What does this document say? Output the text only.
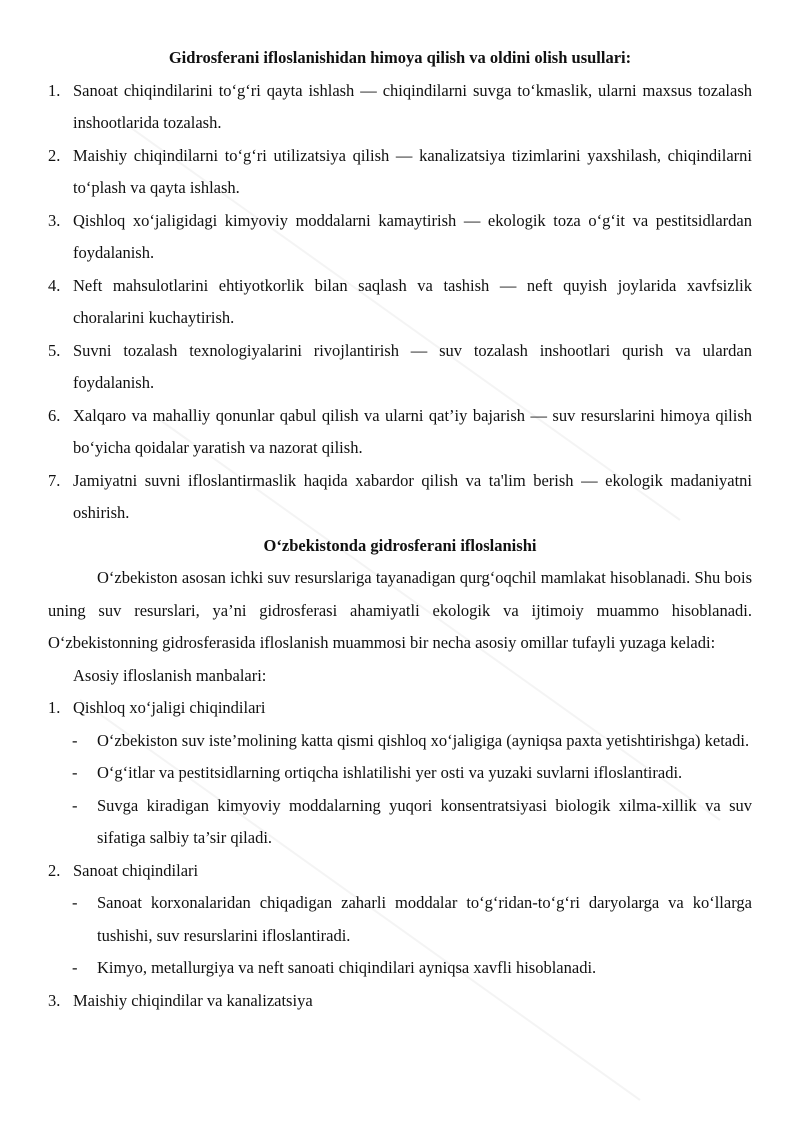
Gidrosferani ifloslanishidan himoya qilish va oldini olish usullari:
1. Sanoat chiqindilarini to‘g‘ri qayta ishlash — chiqindilarni suvga to‘kmaslik, ularni maxsus tozalash inshootlarida tozalash.
2. Maishiy chiqindilarni to‘g‘ri utilizatsiya qilish — kanalizatsiya tizimlarini yaxshilash, chiqindilarni to‘plash va qayta ishlash.
3. Qishloq xo‘jaligidagi kimyoviy moddalarni kamaytirish — ekologik toza o‘g‘it va pestitsidlardan foydalanish.
4. Neft mahsulotlarini ehtiyotkorlik bilan saqlash va tashish — neft quyish joylarida xavfsizlik choralarini kuchaytirish.
5. Suvni tozalash texnologiyalarini rivojlantirish — suv tozalash inshootlari qurish va ulardan foydalanish.
6. Xalqaro va mahalliy qonunlar qabul qilish va ularni qat’iy bajarish — suv resurslarini himoya qilish bo‘yicha qoidalar yaratish va nazorat qilish.
7. Jamiyatni suvni ifloslantirmaslik haqida xabardor qilish va ta'lim berish — ekologik madaniyatni oshirish.
O‘zbekistonda gidrosferani ifloslanishi
O‘zbekiston asosan ichki suv resurslariga tayanadigan qurg‘oqchil mamlakat hisoblanadi. Shu bois uning suv resurslari, ya’ni gidrosferasi ahamiyatli ekologik va ijtimoiy muammo hisoblanadi. O‘zbekistonning gidrosferasida ifloslanish muammosi bir necha asosiy omillar tufayli yuzaga keladi:
Asosiy ifloslanish manbalari:
1. Qishloq xo‘jaligi chiqindilari
- O‘zbekiston suv iste’molining katta qismi qishloq xo‘jaligiga (ayniqsa paxta yetishtirishga) ketadi.
- O‘g‘itlar va pestitsidlarning ortiqcha ishlatilishi yer osti va yuzaki suvlarni ifloslantiradi.
- Suvga kiradigan kimyoviy moddalarning yuqori konsentratsiyasi biologik xilma-xillik va suv sifatiga salbiy ta’sir qiladi.
2. Sanoat chiqindilari
- Sanoat korxonalaridan chiqadigan zaharli moddalar to‘g‘ridan-to‘g‘ri daryolarga va ko‘llarga tushishi, suv resurslarini ifloslantiradi.
- Kimyo, metallurgiya va neft sanoati chiqindilari ayniqsa xavfli hisoblanadi.
3. Maishiy chiqindilar va kanalizatsiya
